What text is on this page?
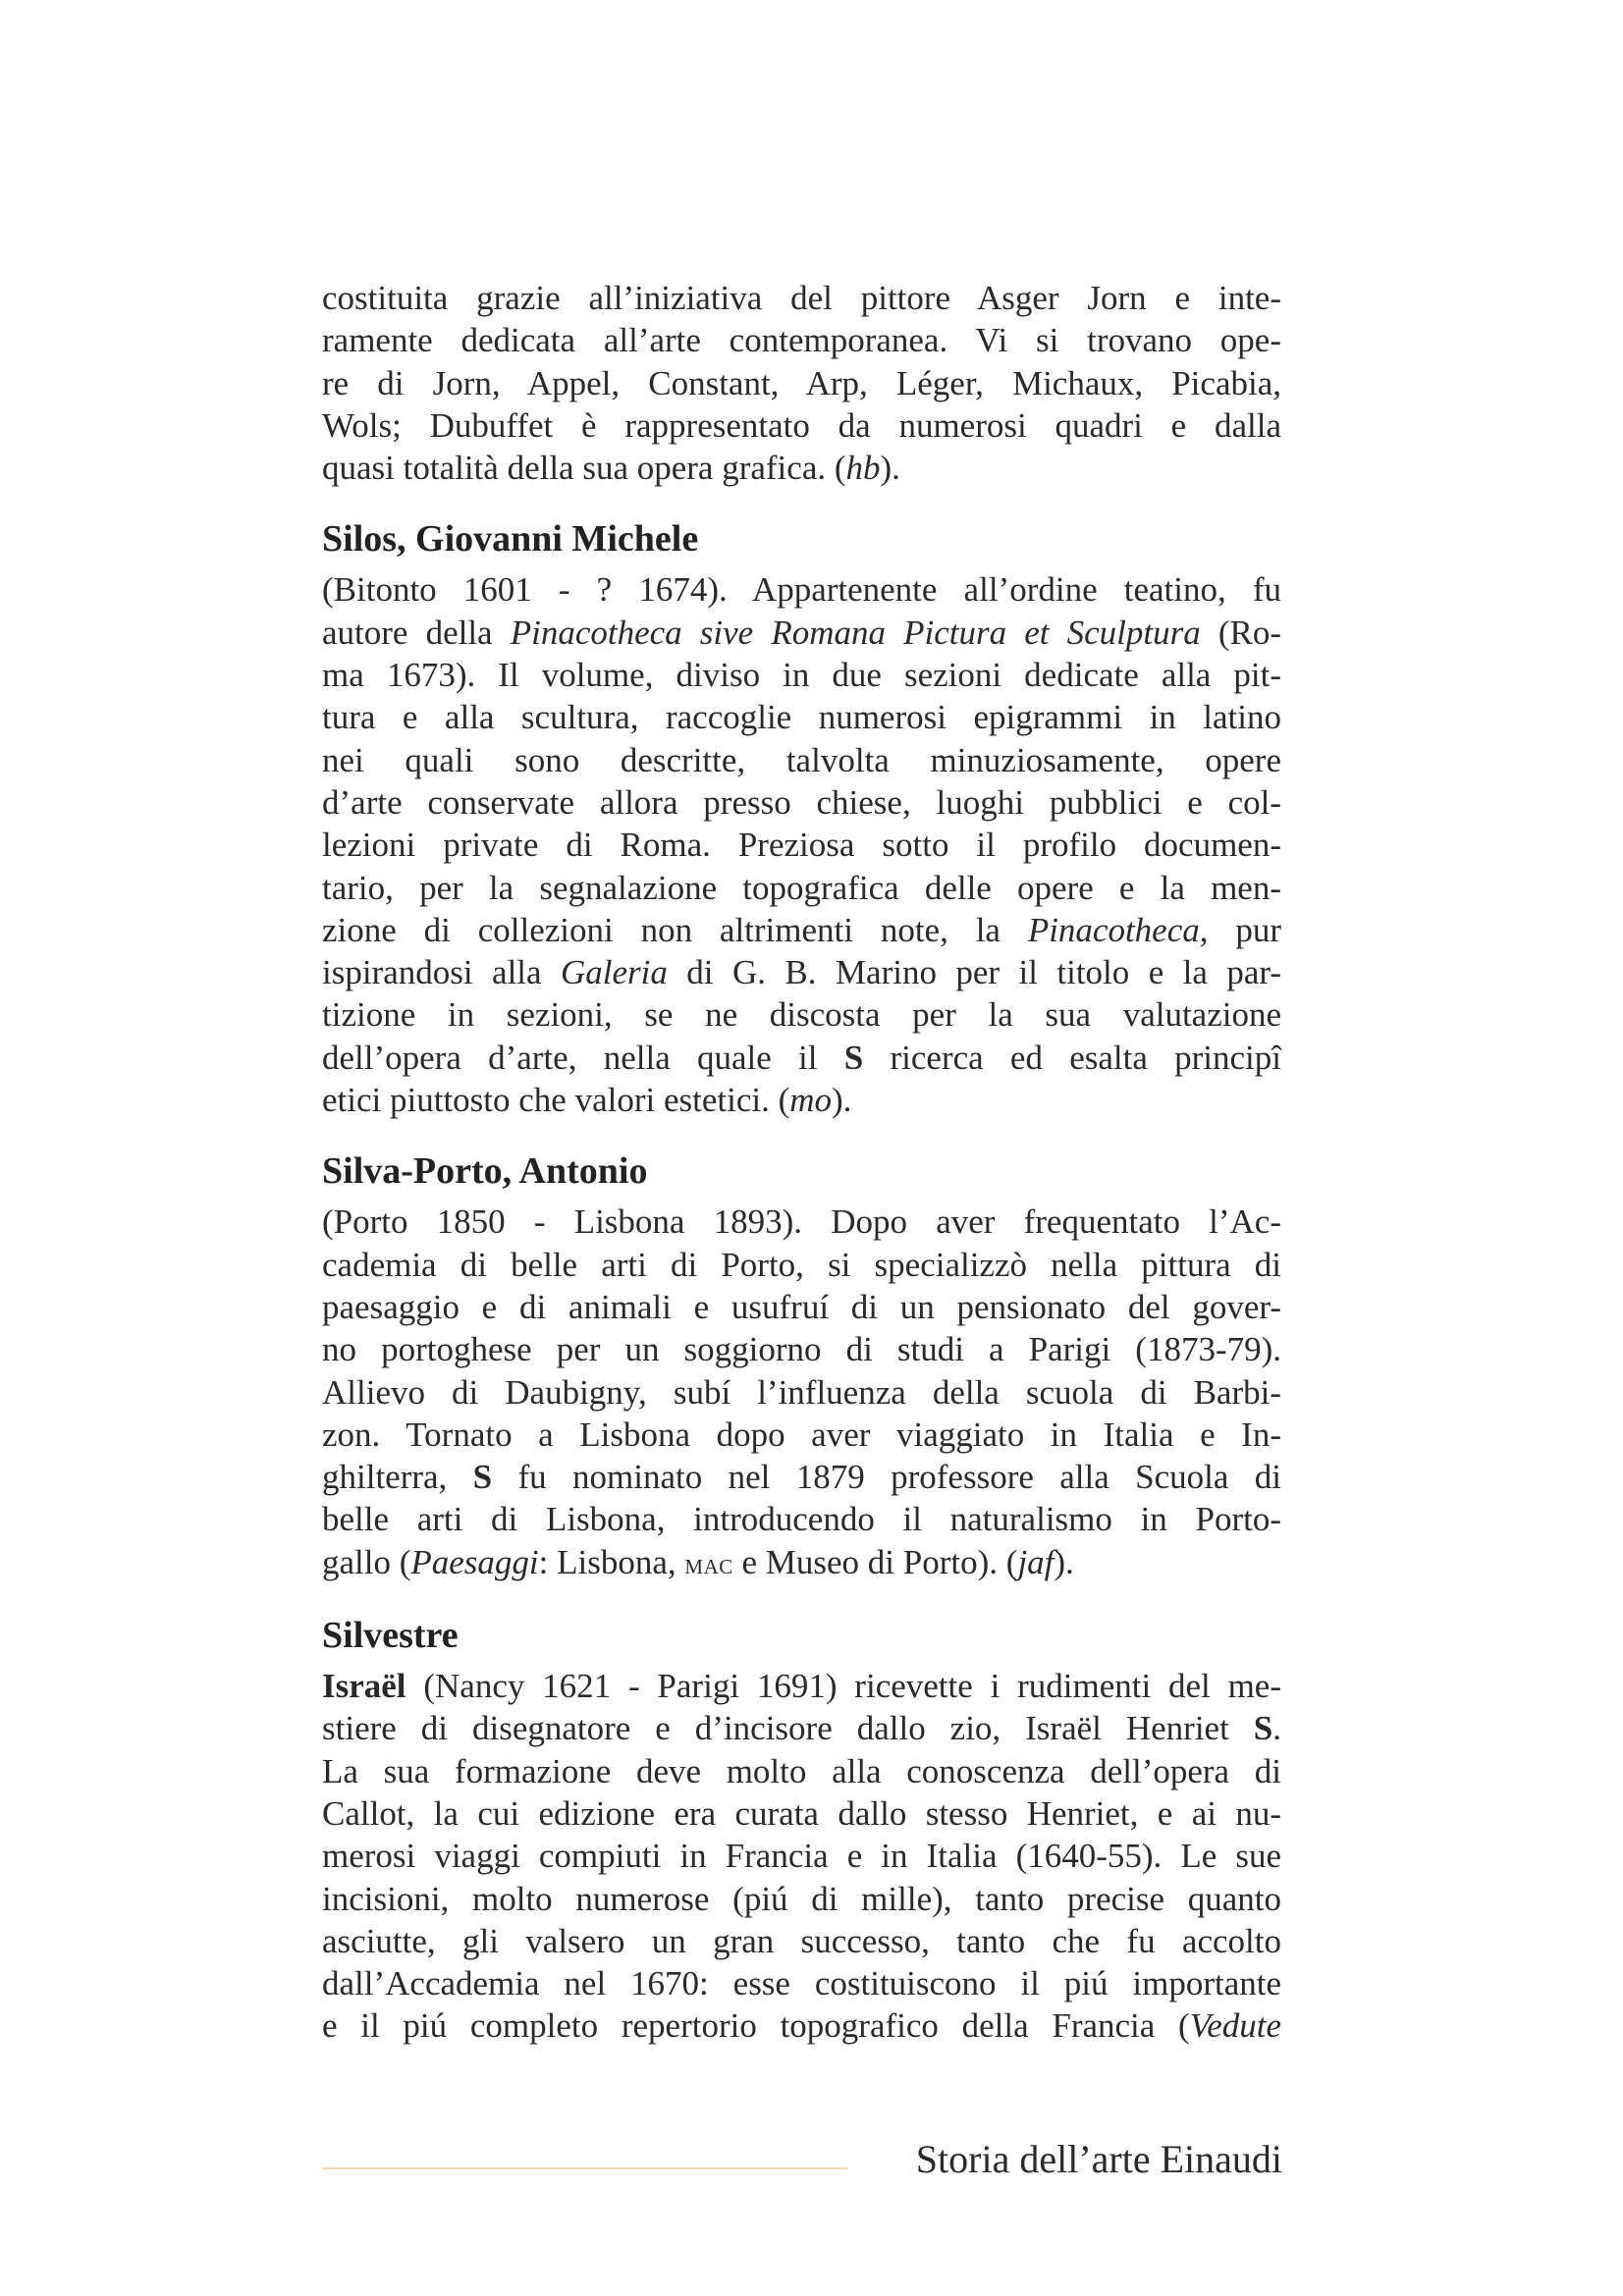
costituita grazie all’iniziativa del pittore Asger Jorn e inte-
ramente dedicata all’arte contemporanea. Vi si trovano ope-
re di Jorn, Appel, Constant, Arp, Léger, Michaux, Picabia,
Wols; Dubuffet è rappresentato da numerosi quadri e dalla
quasi totalità della sua opera grafica. (hb).
Silos, Giovanni Michele
(Bitonto 1601 - ? 1674). Appartenente all’ordine teatino, fu
autore della Pinacotheca sive Romana Pictura et Sculptura (Ro-
ma 1673). Il volume, diviso in due sezioni dedicate alla pit-
tura e alla scultura, raccoglie numerosi epigrammi in latino
nei quali sono descritte, talvolta minuziosamente, opere
d’arte conservate allora presso chiese, luoghi pubblici e col-
lezioni private di Roma. Preziosa sotto il profilo documen-
tario, per la segnalazione topografica delle opere e la men-
zione di collezioni non altrimenti note, la Pinacotheca, pur
ispirandosi alla Galeria di G. B. Marino per il titolo e la par-
tizione in sezioni, se ne discosta per la sua valutazione
dell’opera d’arte, nella quale il S ricerca ed esalta principî
etici piuttosto che valori estetici. (mo).
Silva-Porto, Antonio
(Porto 1850 - Lisbona 1893). Dopo aver frequentato l’Ac-
cademia di belle arti di Porto, si specializzò nella pittura di
paesaggio e di animali e usufruí di un pensionato del gover-
no portoghese per un soggiorno di studi a Parigi (1873-79).
Allievo di Daubigny, subí l’influenza della scuola di Barbi-
zon. Tornato a Lisbona dopo aver viaggiato in Italia e In-
ghilterra, S fu nominato nel 1879 professore alla Scuola di
belle arti di Lisbona, introducendo il naturalismo in Porto-
gallo (Paesaggi: Lisbona, mac e Museo di Porto). (jaf).
Silvestre
Israël (Nancy 1621 - Parigi 1691) ricevette i rudimenti del me-
stiere di disegnatore e d’incisore dallo zio, Israël Henriet S.
La sua formazione deve molto alla conoscenza dell’opera di
Callot, la cui edizione era curata dallo stesso Henriet, e ai nu-
merosi viaggi compiuti in Francia e in Italia (1640-55). Le sue
incisioni, molto numerose (piú di mille), tanto precise quanto
asciutte, gli valsero un gran successo, tanto che fu accolto
dall’Accademia nel 1670: esse costituiscono il piú importante
e il piú completo repertorio topografico della Francia (Vedute
Storia dell’arte Einaudi
